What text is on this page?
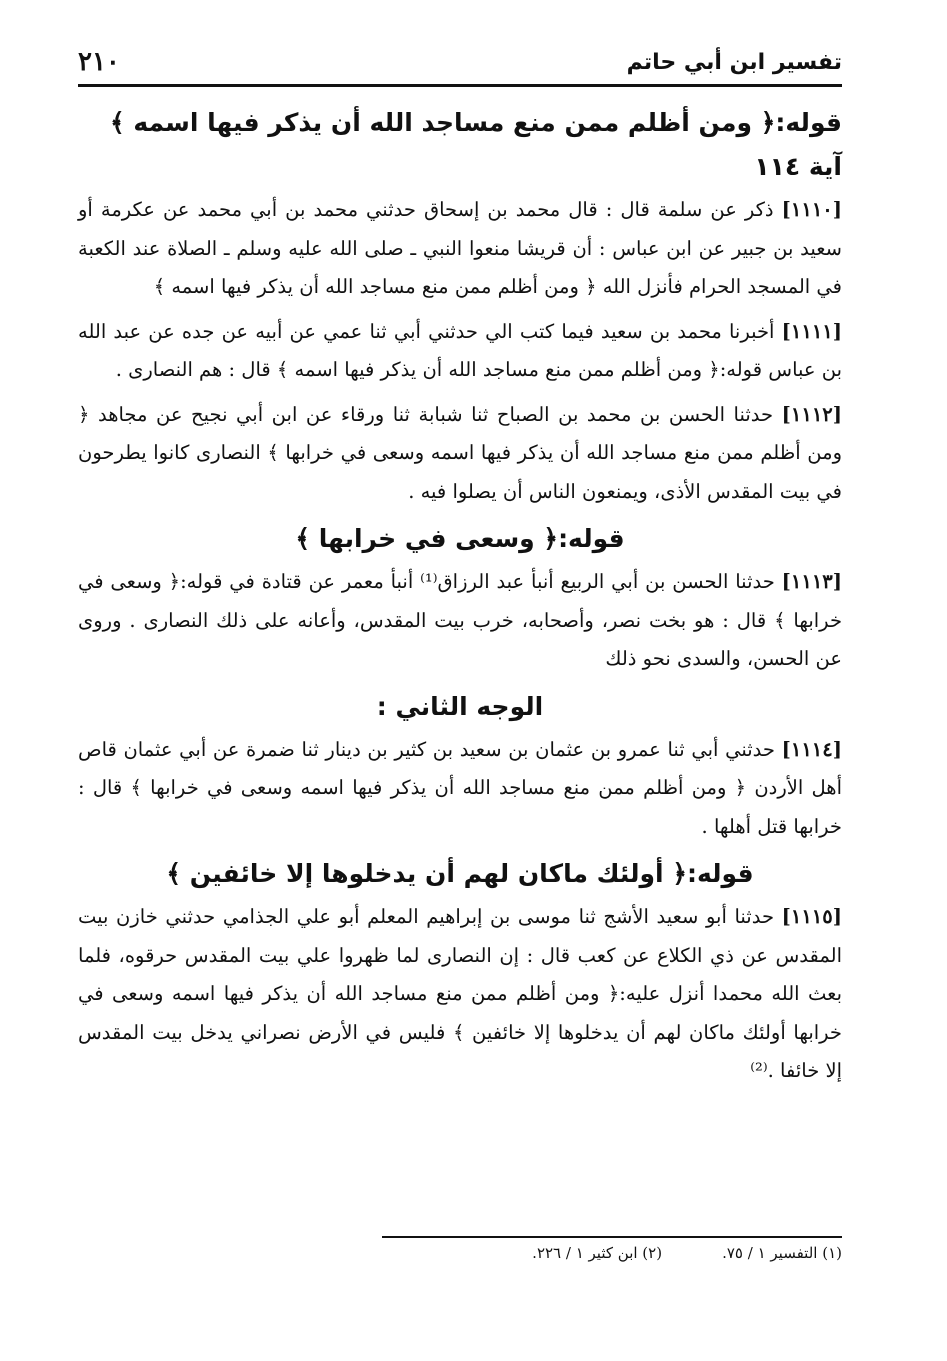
تفسير ابن أبي حاتم
٢١٠
قوله:﴿ ومن أظلم ممن منع مساجد الله أن يذكر فيها اسمه ﴾ آية ١١٤

[١١١٠] ذكر عن سلمة قال : قال محمد بن إسحاق حدثني محمد بن أبي محمد عن عكرمة أو سعيد بن جبير عن ابن عباس : أن قريشا منعوا النبي ـ صلى الله عليه وسلم ـ الصلاة عند الكعبة في المسجد الحرام فأنزل الله ﴿ ومن أظلم ممن منع مساجد الله أن يذكر فيها اسمه ﴾

[١١١١] أخبرنا محمد بن سعيد فيما كتب الي حدثني أبي ثنا عمي عن أبيه عن جده عن عبد الله بن عباس قوله:﴿ ومن أظلم ممن منع مساجد الله أن يذكر فيها اسمه ﴾ قال : هم النصارى .

[١١١٢] حدثنا الحسن بن محمد بن الصباح ثنا شبابة ثنا ورقاء عن ابن أبي نجيح عن مجاهد ﴿ ومن أظلم ممن منع مساجد الله أن يذكر فيها اسمه وسعى في خرابها ﴾ النصارى كانوا يطرحون في بيت المقدس الأذى، ويمنعون الناس أن يصلوا فيه .

قوله:﴿ وسعى في خرابها ﴾

[١١١٣] حدثنا الحسن بن أبي الربيع أنبأ عبد الرزاق⁽¹⁾ أنبأ معمر عن قتادة في قوله:﴿ وسعى في خرابها ﴾ قال : هو بخت نصر، وأصحابه، خرب بيت المقدس، وأعانه على ذلك النصارى . وروى عن الحسن، والسدى نحو ذلك

الوجه الثاني :

[١١١٤] حدثني أبي ثنا عمرو بن عثمان بن سعيد بن كثير بن دينار ثنا ضمرة عن أبي عثمان قاص أهل الأردن ﴿ ومن أظلم ممن منع مساجد الله أن يذكر فيها اسمه وسعى في خرابها ﴾ قال : خرابها قتل أهلها .

قوله:﴿ أولئك ماكان لهم أن يدخلوها إلا خائفين ﴾

[١١١٥] حدثنا أبو سعيد الأشج ثنا موسى بن إبراهيم المعلم أبو علي الجذامي حدثني خازن بيت المقدس عن ذي الكلاع عن كعب قال : إن النصارى لما ظهروا علي بيت المقدس حرقوه، فلما بعث الله محمدا أنزل عليه:﴿ ومن أظلم ممن منع مساجد الله أن يذكر فيها اسمه وسعى في خرابها أولئك ماكان لهم أن يدخلوها إلا خائفين ﴾ فليس في الأرض نصراني يدخل بيت المقدس إلا خائفا .⁽²⁾

(١) التفسير ١ / ٧٥.
(٢) ابن كثير ١ / ٢٢٦.
